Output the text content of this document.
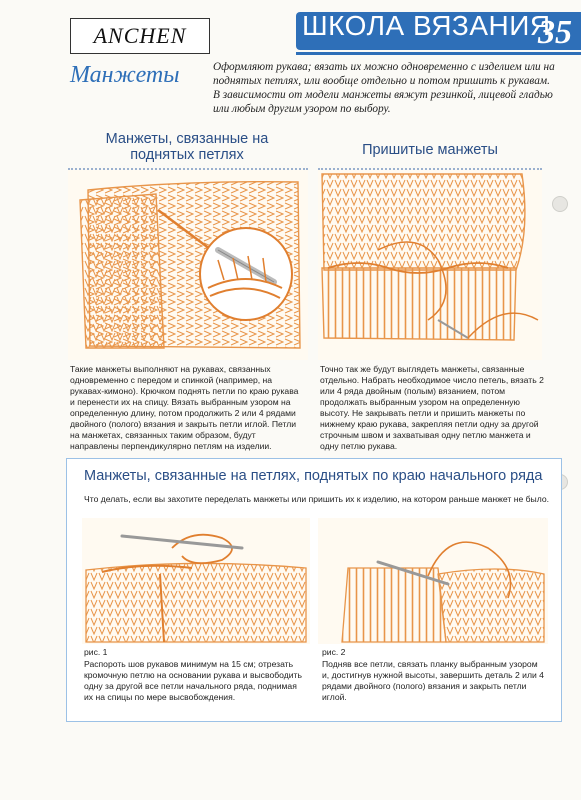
ANCHEN	ШКОЛА ВЯЗАНИЯ
35
Манжеты	Оформляют рукава; вязать их можно одновременно с изделием или на поднятых петлях, или вообще отдельно и потом пришить к рукавам. В зависимости от модели манжеты вяжут резинкой, лицевой гладью или любым другим узором по выбору.
Манжеты, связанные на поднятых петлях
Такие манжеты выполняют на рукавах, связанных одновременно с передом и спинкой (например, на рукавах-кимоно). Крючком поднять петли по краю рукава и перенести их на спицу. Вязать выбранным узором на определенную длину, потом продолжить 2 или 4 рядами двойного (полого) вязания и закрыть петли иглой. Петли на манжетах, связанных таким образом, будут направлены перпендикулярно петлям на изделии.
Пришитые манжеты
Точно так же будут выглядеть манжеты, связанные отдельно. Набрать необходимое число петель, вязать 2 или 4 ряда двойным (полым) вязанием, потом продолжать выбранным узором на определенную высоту. Не закрывать петли и пришить манжеты по нижнему краю рукава, закрепляя петли одну за другой строчным швом и захватывая одну петлю манжета и одну петлю рукава.
Манжеты, связанные на петлях, поднятых по краю начального ряда
Что делать, если вы захотите переделать манжеты или пришить их к изделию, на котором раньше манжет не было.
рис. 1
Распороть шов рукавов минимум на 15 см; отрезать кромочную петлю на основании рукава и высвободить одну за другой все петли начального ряда, поднимая их на спицы по мере высвобождения.
рис. 2
Подняв все петли, связать планку выбранным узором и, достигнув нужной высоты, завершить деталь 2 или 4 рядами двойного (полого) вязания и закрыть петли иглой.
